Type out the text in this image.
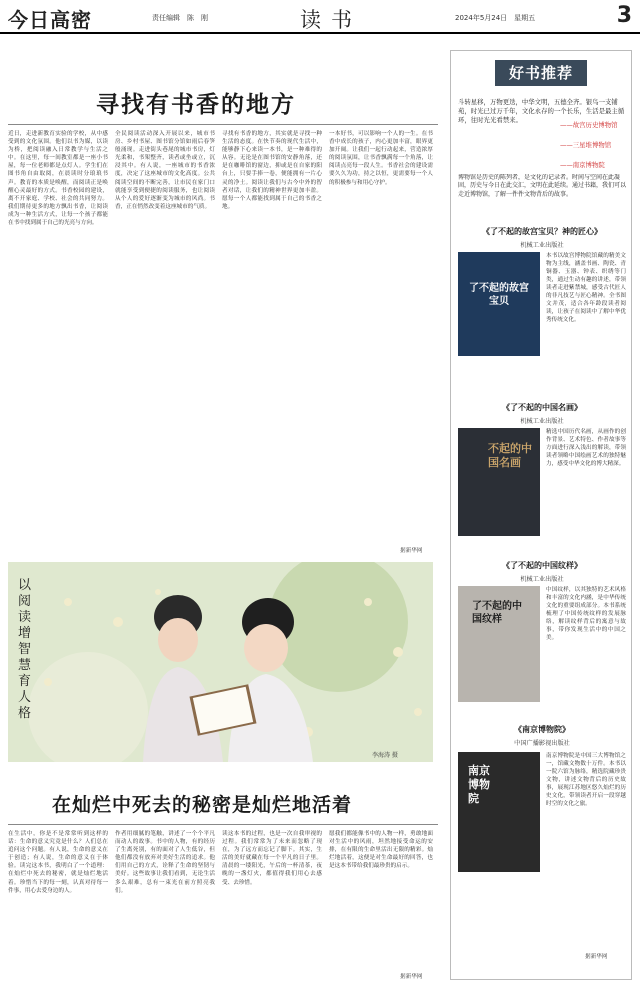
今日高密	责任编辑　陈　刚	读书	2024年5月24日　星期五	3
寻找有书香的地方
近日，走进新教育实验的学校，从中感受到的文化氛围。他们以书为媒，以读为桥，把阅读融入日常教学与生活之中。在这里，每一间教室都是一座小书屋，每一位老师都是点灯人。学生们在图书角自由取阅，在晨读时分琅琅书声。教育的本质是唤醒，而阅读正是唤醒心灵最好的方式。书香校园的建设，离不开家庭、学校、社会的共同努力。我们期待更多的地方飘出书香，让阅读成为一种生活方式，让每一个孩子都能在书中找到属于自己的光亮与方向。
全民阅读活动深入开展以来，城市书房、乡村书屋、图书馆分馆如雨后春笋般涌现。走进街头巷尾的城市书房，灯光柔和，书架整齐，读者或坐或立，沉浸其中。有人说，一座城市的书香浓度，决定了这座城市的文化高度。公共阅读空间的不断完善，让市民在家门口就能享受到便捷的阅读服务，也让阅读从个人的爱好逐渐变为城市的风尚。书香，正在悄然改变着这座城市的气质。
寻找有书香的地方，其实就是寻找一种生活的态度。在快节奏的现代生活中，能够静下心来读一本书，是一种难得的从容。无论是在图书馆的安静角落，还是在咖啡馆的窗边，抑或是在自家的阳台上，只要手捧一卷，便能拥有一片心灵的净土。阅读让我们与古今中外的智者对话，让我们的精神世界更加丰盈。愿每一个人都能找到属于自己的书香之地。
一本好书，可以影响一个人的一生。在书香中成长的孩子，内心更加丰富，眼界更加开阔。让我们一起行动起来，营造浓厚的阅读氛围，让书香飘满每一个角落，让阅读点亮每一段人生。书香社会的建设需要久久为功，持之以恒，更需要每一个人的积极参与和用心守护。
据新华网
以阅读增智慧育人格
李海涛 摄
在灿烂中死去的秘密是灿烂地活着
在生活中，你是不是常常听到这样的话：生命的意义究竟是什么？人们总在追问这个问题。有人说，生命的意义在于创造；有人说，生命的意义在于体验。读完这本书，我明白了一个道理：在灿烂中死去的秘密，就是灿烂地活着。珍惜当下的每一刻，认真对待每一件事，用心去爱身边的人。
作者用细腻的笔触，讲述了一个个平凡而动人的故事。书中的人物，有的经历了生离死别，有的面对了人生低谷，但他们都没有放弃对美好生活的追求。他们用自己的方式，诠释了生命的坚韧与美好。这些故事让我们看到，无论生活多么艰难，总有一束光在前方照亮我们。
读这本书的过程，也是一次自我审视的过程。我们常常为了未来而忽略了现在，为了远方而忘记了脚下。其实，生活的美好就藏在每一个平凡的日子里。清晨的一缕阳光，午后的一杯清茶，夜晚的一盏灯火，都值得我们用心去感受、去珍惜。
愿我们都能像书中的人物一样，勇敢地面对生活中的风雨，坦然地接受命运的安排，在有限的生命里活出无限的精彩。灿烂地活着，这便是对生命最好的回答，也是这本书带给我们最珍贵的启示。
据新华网
好书推荐
斗转星移，万物更迭，中华文明，五德全齐。银鸟一支铺苑，时光已过万千年，文化永存的一个长乐，生活是最主循环，往时光光看禁来。
——故宫历史博物馆
——三星堆博物馆
——南京博物院
博物馆是历史的陈列者，是文化的记录者。时间与空间在此凝固，历史与今日在此交汇，文明在此延续。通过书籍，我们可以走近博物馆，了解一件件文物背后的故事。
《了不起的故宫宝贝？神的匠心》
机械工业出版社
了不起的故宫宝贝
本书以故宫博物院馆藏的精美文物为主线，涵盖书画、陶瓷、青铜器、玉器、钟表、织绣等门类，通过生动有趣的讲述，带领读者走进紫禁城，感受古代匠人的非凡技艺与匠心精神。全书图文并茂，适合各年龄段读者阅读，让孩子在阅读中了解中华优秀传统文化。
《了不起的中国名画》
机械工业出版社
不起的中国名画
精选中国历代名画，从画作的创作背景、艺术特色、作者故事等方面进行深入浅出的解读，带领读者领略中国绘画艺术的独特魅力，感受中华文化的博大精深。
《了不起的中国纹样》
机械工业出版社
了不起的中国纹样
中国纹样，以其独特的艺术风格和丰富的文化内涵，是中华传统文化的重要组成部分。本书系统梳理了中国传统纹样的发展脉络，解读纹样背后的寓意与故事，带你发现生活中的中国之美。
《南京博物院》
中国广播影视出版社
南京博物院
南京博物院是中国三大博物馆之一，馆藏文物数十万件。本书以一院六馆为脉络，精选院藏珍贵文物，讲述文物背后的历史故事，展现江苏地区悠久灿烂的历史文化，带领读者开启一段穿越时空的文化之旅。
据新华网
